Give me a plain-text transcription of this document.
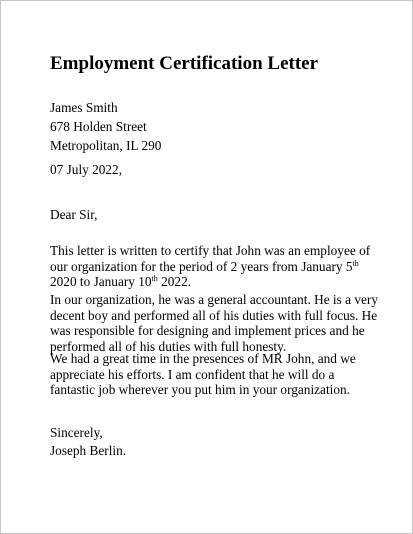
Employment Certification Letter
James Smith
678 Holden Street
Metropolitan, IL 290
07 July 2022,
Dear Sir,
This letter is written to certify that John was an employee of our organization for the period of 2 years from January 5th 2020 to January 10th 2022.
In our organization, he was a general accountant. He is a very decent boy and performed all of his duties with full focus. He was responsible for designing and implement prices and he performed all of his duties with full honesty.
We had a great time in the presences of MR John, and we appreciate his efforts. I am confident that he will do a fantastic job wherever you put him in your organization.
Sincerely,
Joseph Berlin.
